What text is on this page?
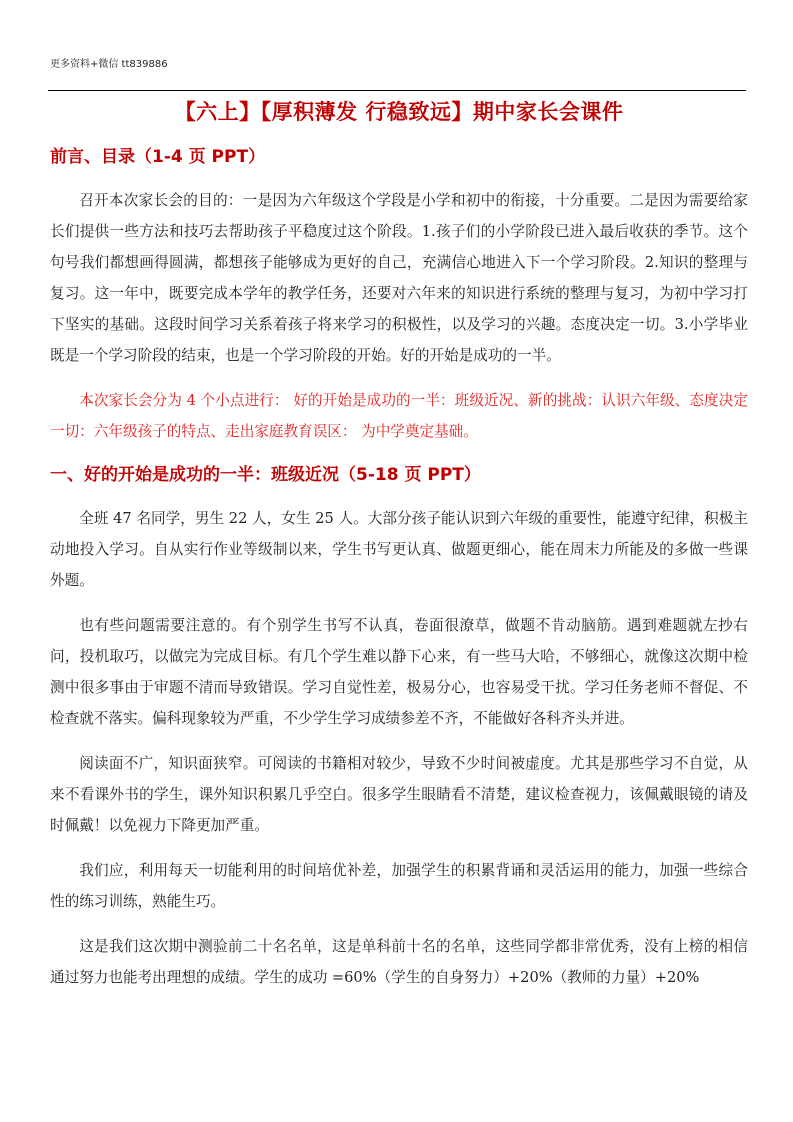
更多资料+微信 tt839886
【六上】【厚积薄发 行稳致远】期中家长会课件
前言、目录（1-4 页 PPT）

召开本次家长会的目的：一是因为六年级这个学段是小学和初中的衔接，十分重要。二是因为需要给家长们提供一些方法和技巧去帮助孩子平稳度过这个阶段。1.孩子们的小学阶段已进入最后收获的季节。这个句号我们都想画得圆满，都想孩子能够成为更好的自己，充满信心地进入下一个学习阶段。2.知识的整理与复习。这一年中，既要完成本学年的教学任务，还要对六年来的知识进行系统的整理与复习，为初中学习打下坚实的基础。这段时间学习关系着孩子将来学习的积极性，以及学习的兴趣。态度决定一切。3.小学毕业既是一个学习阶段的结束，也是一个学习阶段的开始。好的开始是成功的一半。

本次家长会分为 4 个小点进行： 好的开始是成功的一半：班级近况、新的挑战：认识六年级、态度决定一切：六年级孩子的特点、走出家庭教育误区： 为中学奠定基础。

一、好的开始是成功的一半：班级近况（5-18 页 PPT）

全班 47 名同学，男生 22 人，女生 25 人。大部分孩子能认识到六年级的重要性，能遵守纪律，积极主动地投入学习。自从实行作业等级制以来，学生书写更认真、做题更细心，能在周末力所能及的多做一些课外题。

也有些问题需要注意的。有个别学生书写不认真，卷面很潦草，做题不肯动脑筋。遇到难题就左抄右问，投机取巧，以做完为完成目标。有几个学生难以静下心来，有一些马大哈，不够细心，就像这次期中检测中很多事由于审题不清而导致错误。学习自觉性差，极易分心，也容易受干扰。学习任务老师不督促、不检查就不落实。偏科现象较为严重，不少学生学习成绩参差不齐，不能做好各科齐头并进。

阅读面不广，知识面狭窄。可阅读的书籍相对较少，导致不少时间被虚度。尤其是那些学习不自觉，从来不看课外书的学生，课外知识积累几乎空白。很多学生眼睛看不清楚，建议检查视力，该佩戴眼镜的请及时佩戴！以免视力下降更加严重。

我们应，利用每天一切能利用的时间培优补差，加强学生的积累背诵和灵活运用的能力，加强一些综合性的练习训练，熟能生巧。

这是我们这次期中测验前二十名名单，这是单科前十名的名单，这些同学都非常优秀，没有上榜的相信通过努力也能考出理想的成绩。学生的成功 =60%（学生的自身努力）+20%（教师的力量）+20%
